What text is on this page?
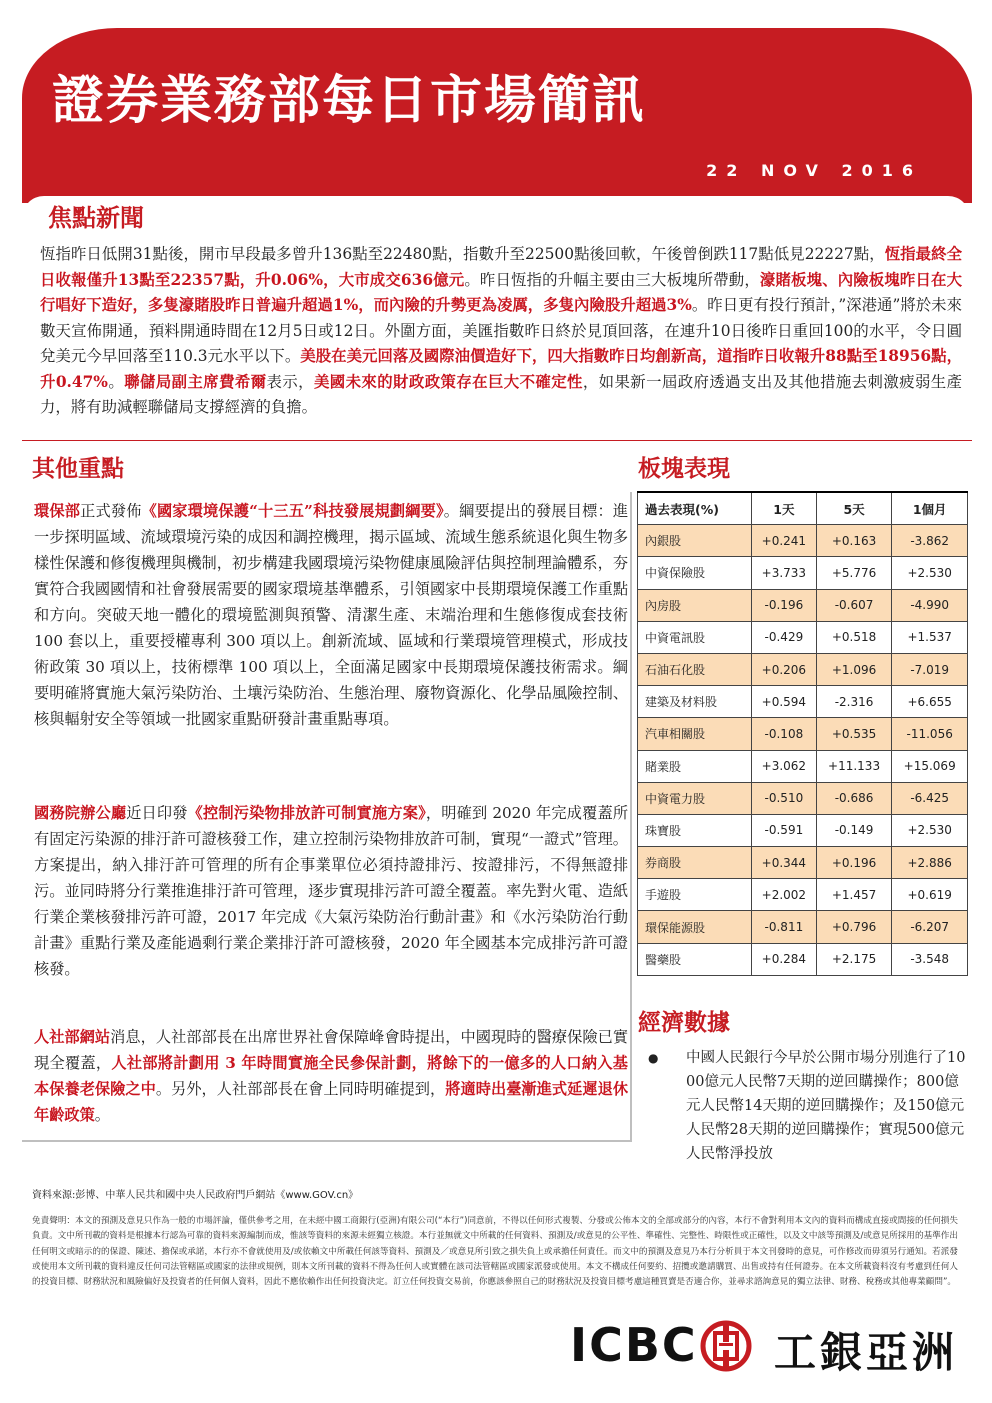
證券業務部每日市場簡訊
22 NOV 2016
焦點新聞
恆指昨日低開31點後，開市早段最多曾升136點至22480點，指數升至22500點後回軟，午後曾倒跌117點低見22227點，恆指最終全日收報僅升13點至22357點，升0.06%，大市成交636億元。昨日恆指的升幅主要由三大板塊所帶動，濠賭板塊、內險板塊昨日在大行唱好下造好，多隻濠賭股昨日普遍升超過1%，而內險的升勢更為凌厲，多隻內險股升超過3%。昨日更有投行預計，”深港通”將於未來數天宣佈開通，預料開通時間在12月5日或12日。外圍方面，美匯指數昨日終於見頂回落，在連升10日後昨日重回100的水平，令日圓兌美元今早回落至110.3元水平以下。美股在美元回落及國際油價造好下，四大指數昨日均創新高，道指昨日收報升88點至18956點，升0.47%。聯儲局副主席費希爾表示，美國未來的財政政策存在巨大不確定性，如果新一屆政府透過支出及其他措施去刺激疲弱生產力，將有助減輕聯儲局支撐經濟的負擔。
其他重點
環保部正式發佈《國家環境保護“十三五”科技發展規劃綱要》。綱要提出的發展目標：進一步探明區域、流域環境污染的成因和調控機理，揭示區域、流域生態系統退化與生物多樣性保護和修復機理與機制，初步構建我國環境污染物健康風險評估與控制理論體系，夯實符合我國國情和社會發展需要的國家環境基準體系，引領國家中長期環境保護工作重點和方向。突破天地一體化的環境監測與預警、清潔生產、末端治理和生態修復成套技術 100 套以上，重要授權專利 300 項以上。創新流域、區域和行業環境管理模式，形成技術政策 30 項以上，技術標準 100 項以上，全面滿足國家中長期環境保護技術需求。綱要明確將實施大氣污染防治、土壤污染防治、生態治理、廢物資源化、化學品風險控制、核與輻射安全等領域一批國家重點研發計畫重點專項。
國務院辦公廳近日印發《控制污染物排放許可制實施方案》，明確到 2020 年完成覆蓋所有固定污染源的排汙許可證核發工作，建立控制污染物排放許可制，實現“一證式”管理。方案提出，納入排汙許可管理的所有企事業單位必須持證排污、按證排污，不得無證排污。並同時將分行業推進排汙許可管理，逐步實現排污許可證全覆蓋。率先對火電、造紙行業企業核發排污許可證，2017 年完成《大氣污染防治行動計畫》和《水污染防治行動計畫》重點行業及產能過剩行業企業排汙許可證核發，2020 年全國基本完成排污許可證核發。
人社部網站消息，人社部部長在出席世界社會保障峰會時提出，中國現時的醫療保險已實現全覆蓋，人社部將計劃用 3 年時間實施全民參保計劃，將餘下的一億多的人口納入基本保養老保險之中。另外，人社部部長在會上同時明確提到，將適時出臺漸進式延遲退休年齡政策。
板塊表現
過去表現(%)	1天	5天	1個月
內銀股	+0.241	+0.163	-3.862
中資保險股	+3.733	+5.776	+2.530
內房股	-0.196	-0.607	-4.990
中資電訊股	-0.429	+0.518	+1.537
石油石化股	+0.206	+1.096	-7.019
建築及材料股	+0.594	-2.316	+6.655
汽車相關股	-0.108	+0.535	-11.056
賭業股	+3.062	+11.133	+15.069
中資電力股	-0.510	-0.686	-6.425
珠寶股	-0.591	-0.149	+2.530
券商股	+0.344	+0.196	+2.886
手遊股	+2.002	+1.457	+0.619
環保能源股	-0.811	+0.796	-6.207
醫藥股	+0.284	+2.175	-3.548
經濟數據
● 中國人民銀行今早於公開市場分別進行了1000億元人民幣7天期的逆回購操作；800億元人民幣14天期的逆回購操作；及150億元人民幣28天期的逆回購操作；實現500億元人民幣淨投放
資料來源:彭博、中華人民共和國中央人民政府門戶網站《www.GOV.cn》
免責聲明：本文的預測及意見只作為一般的市場評論，僅供參考之用，在未經中國工商銀行(亞洲)有限公司(“本行”)同意前，不得以任何形式複製、分發或公佈本文的全部或部分的內容，本行不會對利用本文內的資料而構成直接或間接的任何損失負責。文中所刊載的資料是根據本行認為可靠的資料來源編制而成，惟該等資料的來源未經獨立核證。本行並無就文中所載的任何資料、預測及/或意見的公平性、準確性、完整性、時限性或正確性，以及文中該等預測及/或意見所採用的基準作出任何明文或暗示的的保證、陳述、擔保或承諾，本行亦不會就使用及/或依賴文中所載任何該等資料、預測及／或意見所引致之損失負上或承擔任何責任。而文中的預測及意見乃本行分析員于本文刊發時的意見，可作修改而毋須另行通知。若派發或使用本文所刊載的資料違反任何司法管轄區或國家的法律或規例，則本文所刊載的資料不得為任何人或實體在該司法管轄區或國家派發或使用。本文不構成任何要約、招攬或邀請購買、出售或持有任何證券。在本文所載資料沒有考慮到任何人的投資目標、財務狀況和風險偏好及投資者的任何個人資料，因此不應依賴作出任何投資決定。訂立任何投資交易前，你應該參照自己的財務狀況及投資目標考慮這種買賣是否適合你，並尋求諮詢意見的獨立法律、財務、稅務或其他專業顧問”。
ICBC 工銀亞洲
